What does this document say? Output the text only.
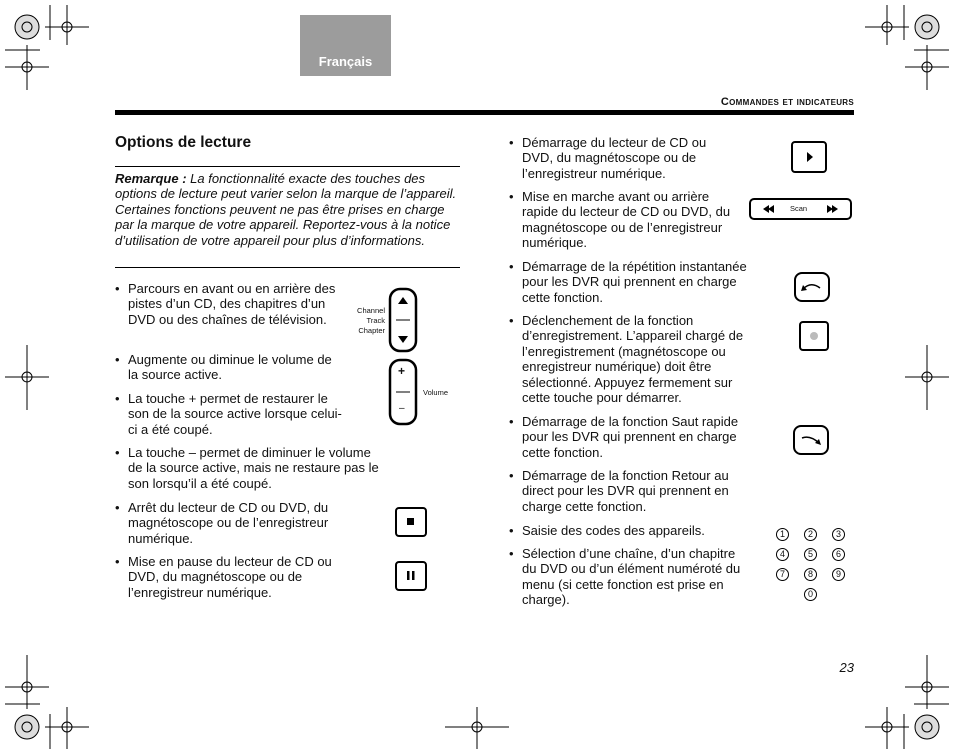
Français
Commandes et indicateurs
Options de lecture
Remarque : La fonctionnalité exacte des touches des options de lecture peut varier selon la marque de l’appareil. Certaines fonctions peuvent ne pas être prises en charge par la marque de votre appareil. Reportez-vous à la notice d’utilisation de votre appareil pour plus d’informations.
• Parcours en avant ou en arrière des pistes d’un CD, des chapitres d’un DVD ou des chaînes de télévision.
• Augmente ou diminue le volume de la source active.
• La touche + permet de restaurer le son de la source active lorsque celui-ci a été coupé.
• La touche – permet de diminuer le volume de la source active, mais ne restaure pas le son lorsqu’il a été coupé.
• Arrêt du lecteur de CD ou DVD, du magnétoscope ou de l’enregistreur numérique.
• Mise en pause du lecteur de CD ou DVD, du magnétoscope ou de l’enregistreur numérique.
Channel
Track
Chapter
+
–
Volume
• Démarrage du lecteur de CD ou DVD, du magnétoscope ou de l’enregistreur numérique.
• Mise en marche avant ou arrière rapide du lecteur de CD ou DVD, du magnétoscope ou de l’enregistreur numérique.
• Démarrage de la répétition instantanée pour les DVR qui prennent en charge cette fonction.
• Déclenchement de la fonction d’enregistrement. L’appareil chargé de l’enregistrement (magnétoscope ou enregistreur numérique) doit être sélectionné. Appuyez fermement sur cette touche pour démarrer.
• Démarrage de la fonction Saut rapide pour les DVR qui prennent en charge cette fonction.
• Démarrage de la fonction Retour au direct pour les DVR qui prennent en charge cette fonction.
• Saisie des codes des appareils.
• Sélection d’une chaîne, d’un chapitre du DVD ou d’un élément numéroté du menu (si cette fonction est prise en charge).
Scan
1	2	3
4	5	6
7	8	9
0
23
